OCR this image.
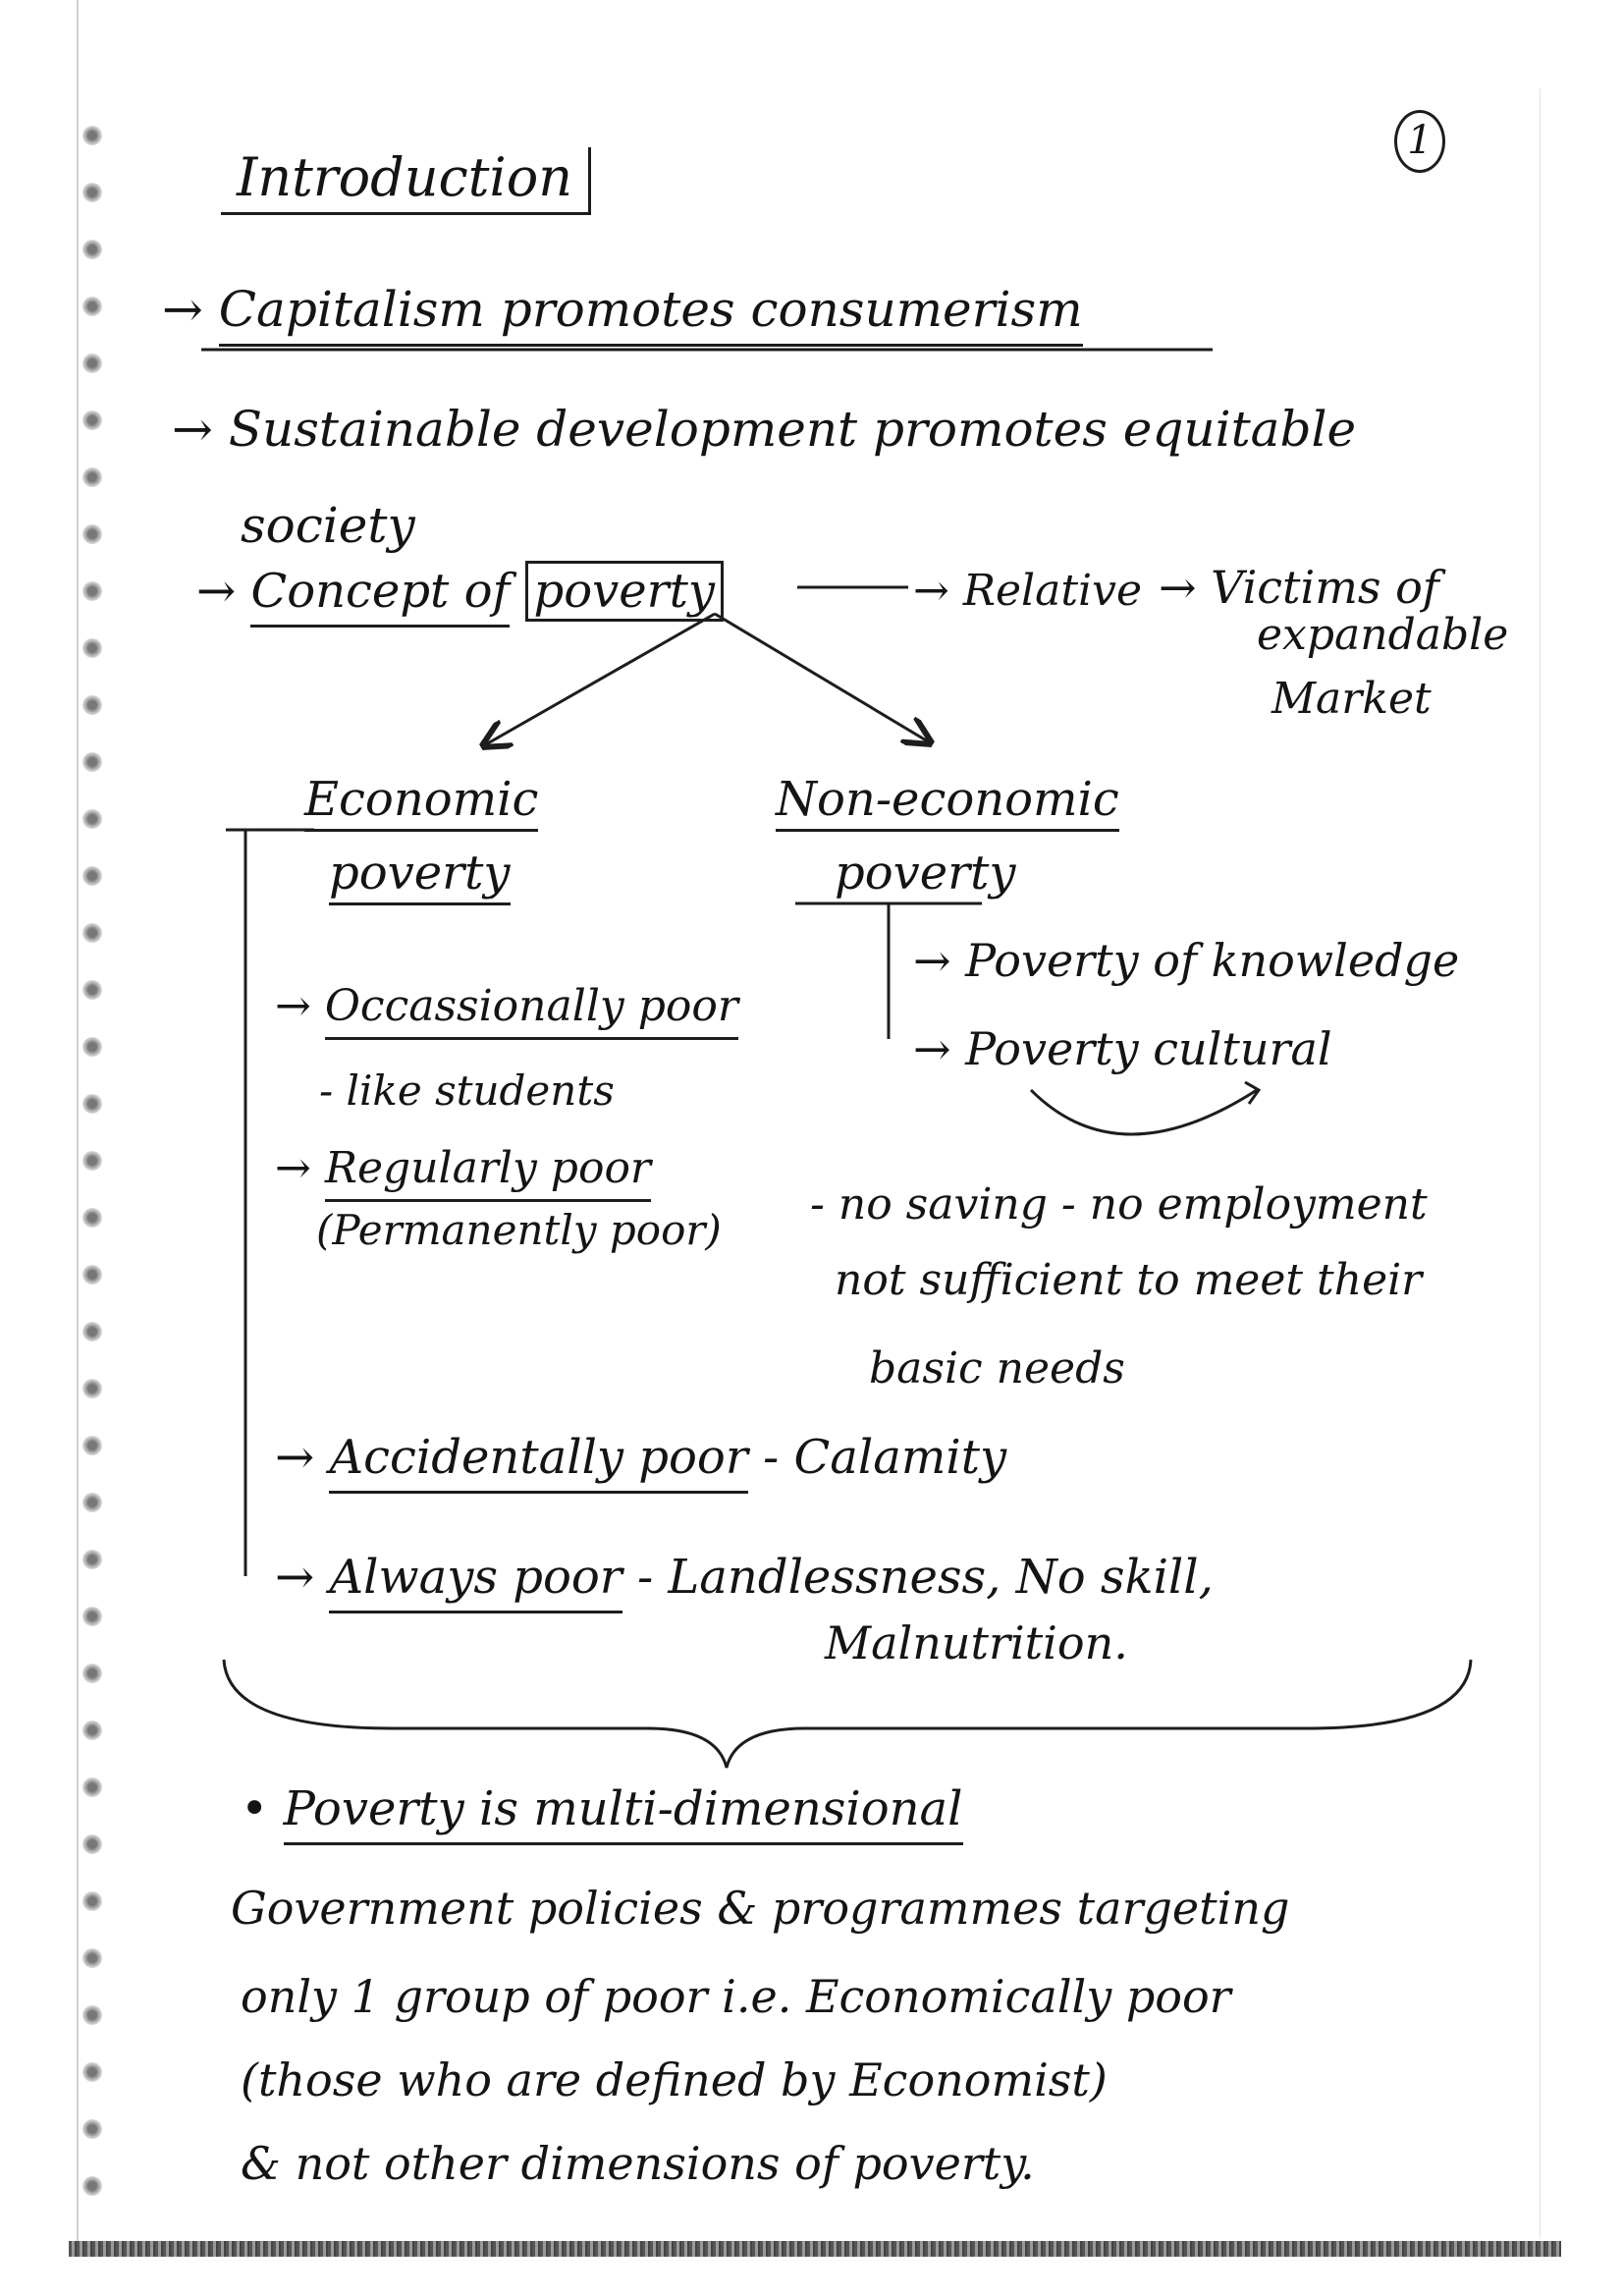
1
Introduction
→ Capitalism promotes consumerism
→ Sustainable development promotes equitable
society
→ Concept of poverty	→ Relative → Victims of
expandable
Market
Economic
poverty
Non-economic
poverty
→ Poverty of knowledge
→ Poverty cultural
→ Occassionally poor
- like students
→ Regularly poor
(Permanently poor)
- no saving - no employment
not sufficient to meet their
basic needs
→ Accidentally poor - Calamity
→ Always poor - Landlessness, No skill,
Malnutrition.
• Poverty is multi-dimensional
Government policies & programmes targeting
only 1 group of poor i.e. Economically poor
(those who are defined by Economist)
& not other dimensions of poverty.
